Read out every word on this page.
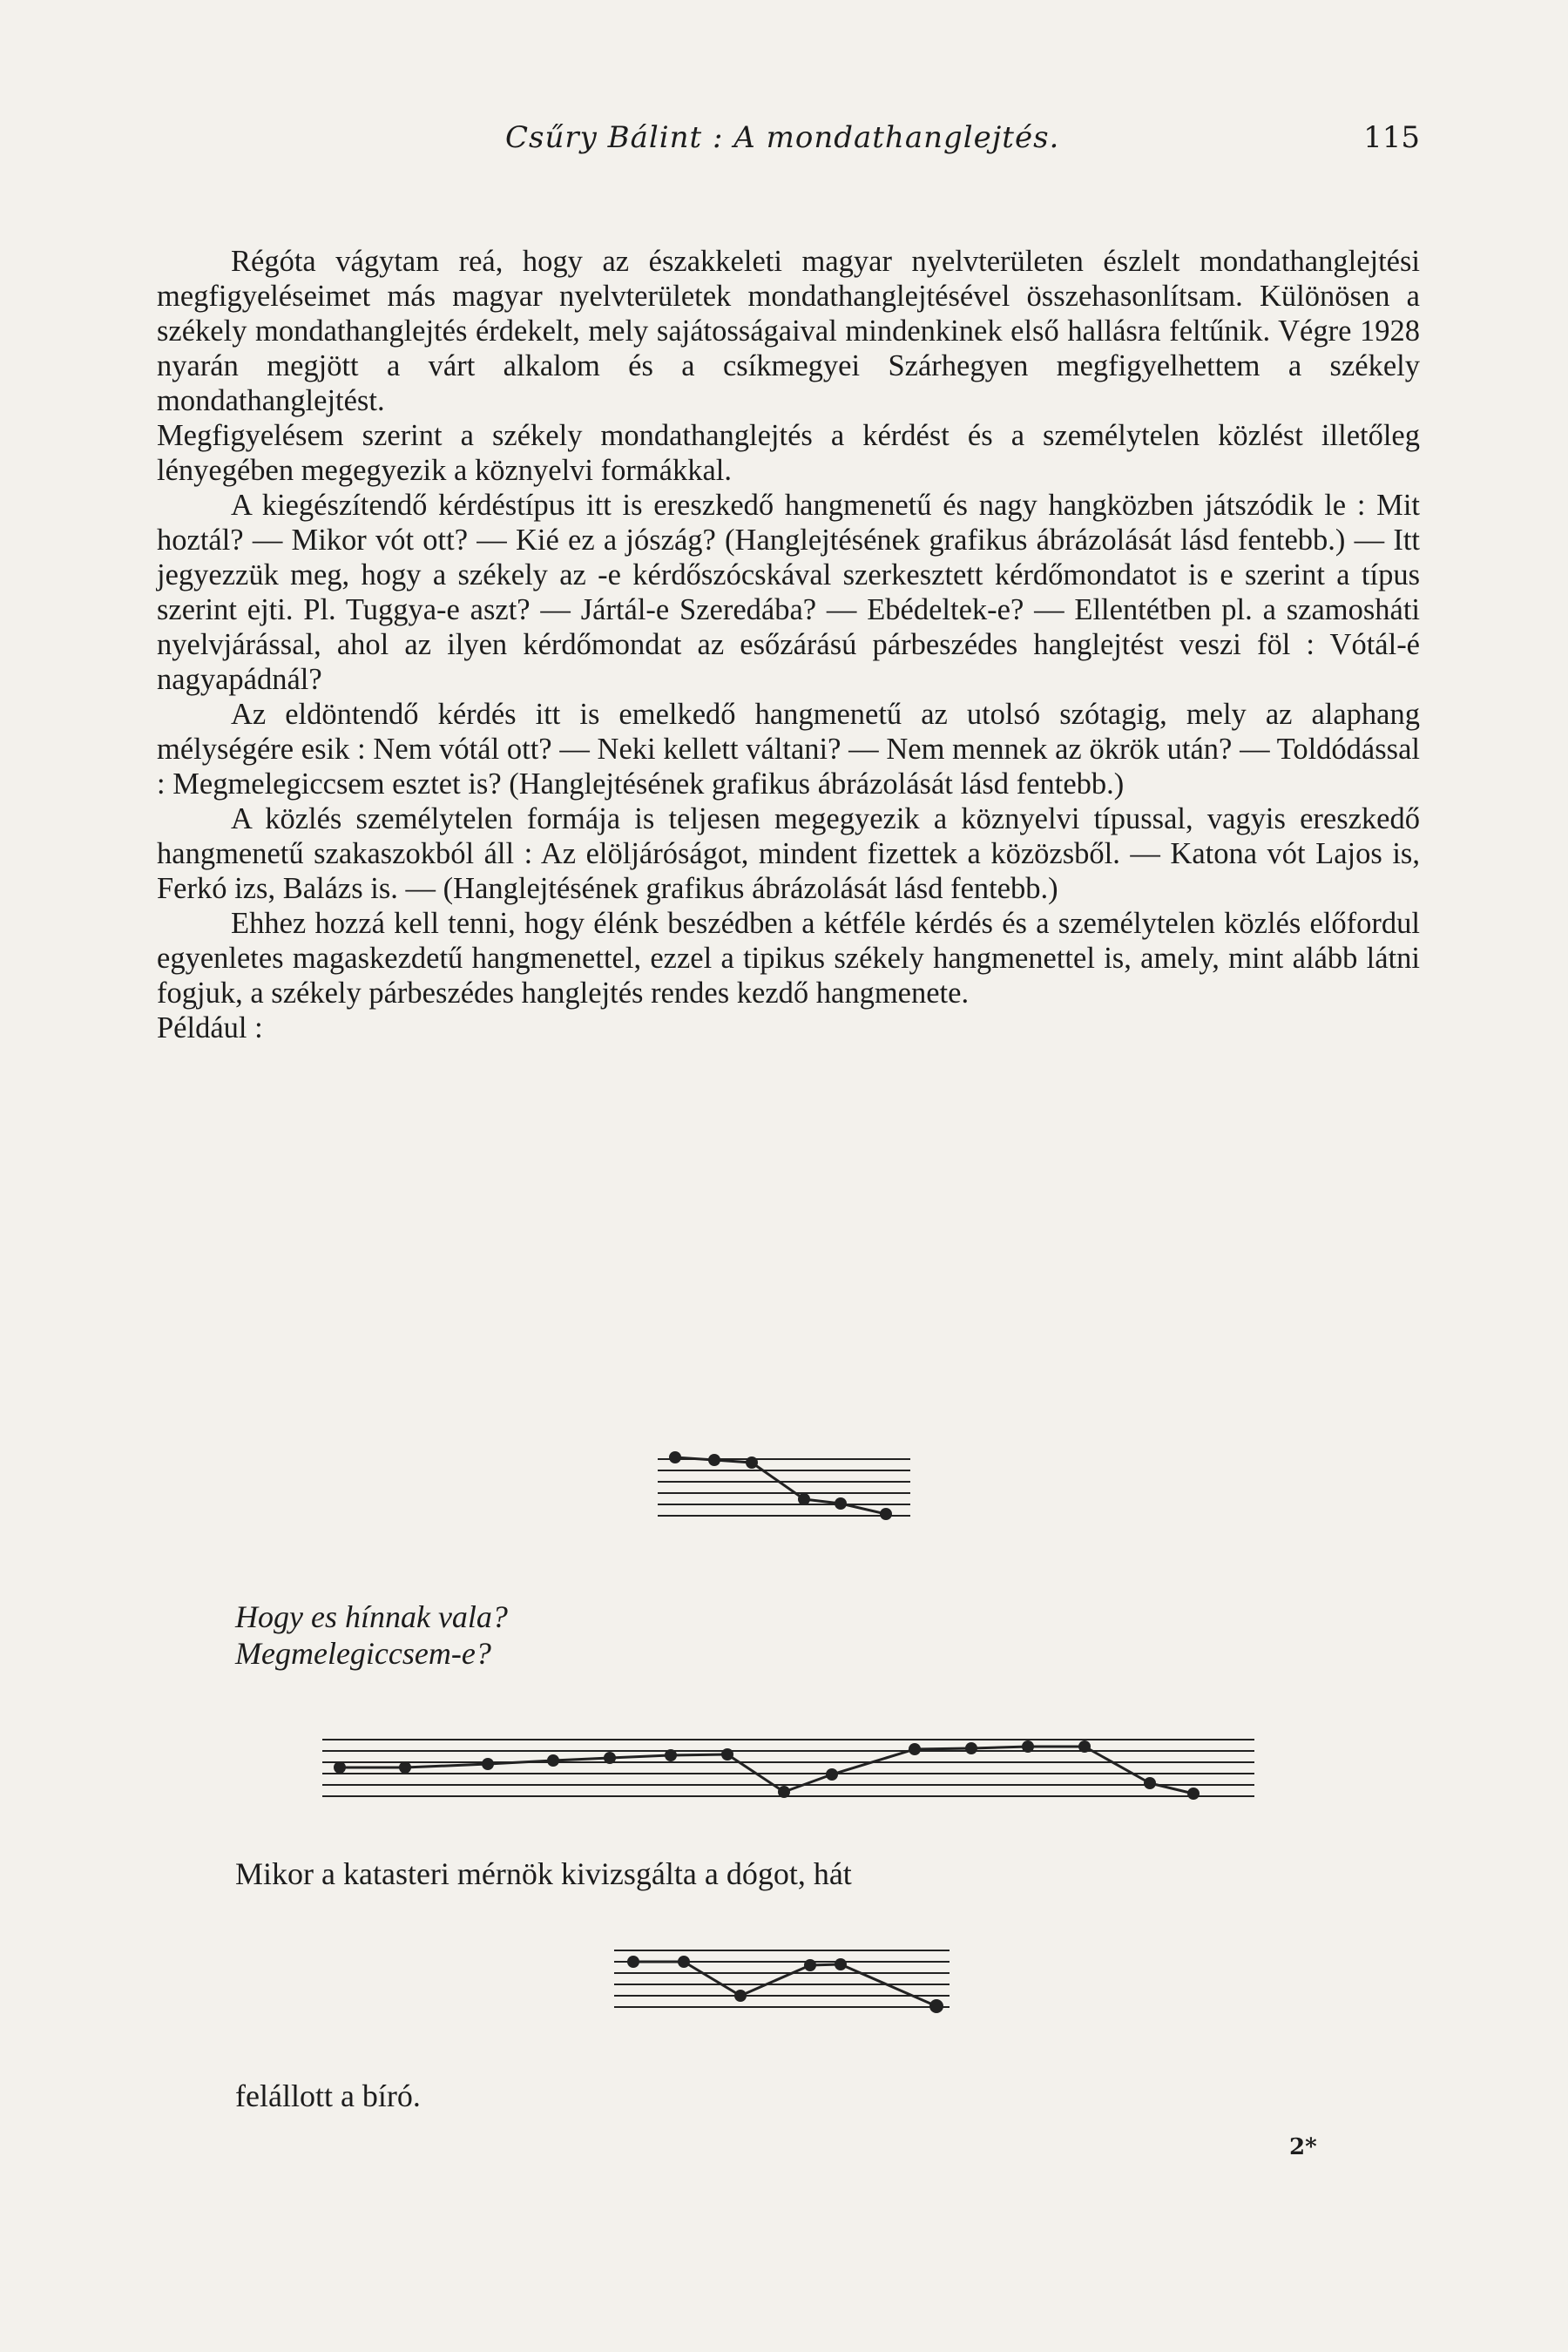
Csűry Bálint : A mondathanglejtés.	115

Régóta vágytam reá, hogy az északkeleti magyar nyelvterületen észlelt mondathanglejtési megfigyeléseimet más magyar nyelvterületek mondathanglejtésével összehasonlítsam. Különösen a székely mondathanglejtés érdekelt, mely sajátosságaival mindenkinek első hallásra feltűnik. Végre 1928 nyarán megjött a várt alkalom és a csíkmegyei Szárhegyen megfigyelhettem a székely mondathanglejtést.

Megfigyelésem szerint a székely mondathanglejtés a kérdést és a személytelen közlést illetőleg lényegében megegyezik a köznyelvi formákkal.

A kiegészítendő kérdéstípus itt is ereszkedő hangmenetű és nagy hangközben játszódik le : Mit hoztál? — Mikor vót ott? — Kié ez a jószág? (Hanglejtésének grafikus ábrázolását lásd fentebb.) — Itt jegyezzük meg, hogy a székely az -e kérdőszócskával szerkesztett kérdőmondatot is e szerint a típus szerint ejti. Pl. Tuggya-e aszt? — Jártál-e Szeredába? — Ebédeltek-e? — Ellentétben pl. a szamosháti nyelvjárással, ahol az ilyen kérdőmondat az esőzárású párbeszédes hanglejtést veszi föl : Vótál-é nagyapádnál?

Az eldöntendő kérdés itt is emelkedő hangmenetű az utolsó szótagig, mely az alaphang mélységére esik : Nem vótál ott? — Neki kellett váltani? — Nem mennek az ökrök után? — Toldódással : Megmelegiccsem esztet is? (Hanglejtésének grafikus ábrázolását lásd fentebb.)

A közlés személytelen formája is teljesen megegyezik a köznyelvi típussal, vagyis ereszkedő hangmenetű szakaszokból áll : Az elöljáróságot, mindent fizettek a közözsből. — Katona vót Lajos is, Ferkó izs, Balázs is. — (Hanglejtésének grafikus ábrázolását lásd fentebb.)

Ehhez hozzá kell tenni, hogy élénk beszédben a kétféle kérdés és a személytelen közlés előfordul egyenletes magaskezdetű hangmenettel, ezzel a tipikus székely hangmenettel is, amely, mint alább látni fogjuk, a székely párbeszédes hanglejtés rendes kezdő hangmenete.

Például :

Hogy es hínnak vala?
Megmelegiccsem-e?
Mikor a katasteri mérnök kivizsgálta a dógot, hát
felállott a bíró.
2*
